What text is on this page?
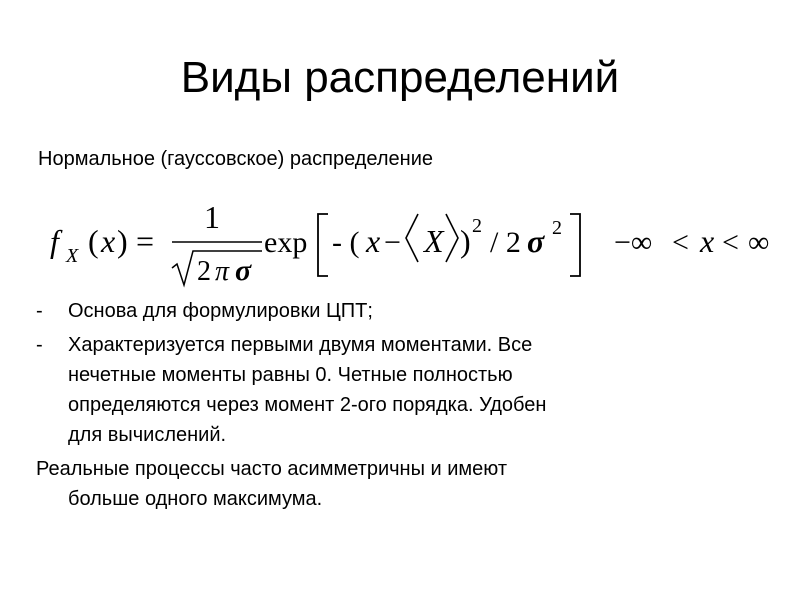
Виды распределений
Нормальное (гауссовское) распределение
f X ( x ) =
1
2 π σ
exp - ( x − X ) 2 / 2 σ 2 −∞ < x < ∞
-	Основа для формулировки ЦПТ;
-	Характеризуется первыми двумя моментами. Все
нечетные моменты равны 0. Четные полностью
определяются через момент 2-ого порядка. Удобен
для вычислений.
Реальные процессы часто асимметричны и имеют
больше одного максимума.
